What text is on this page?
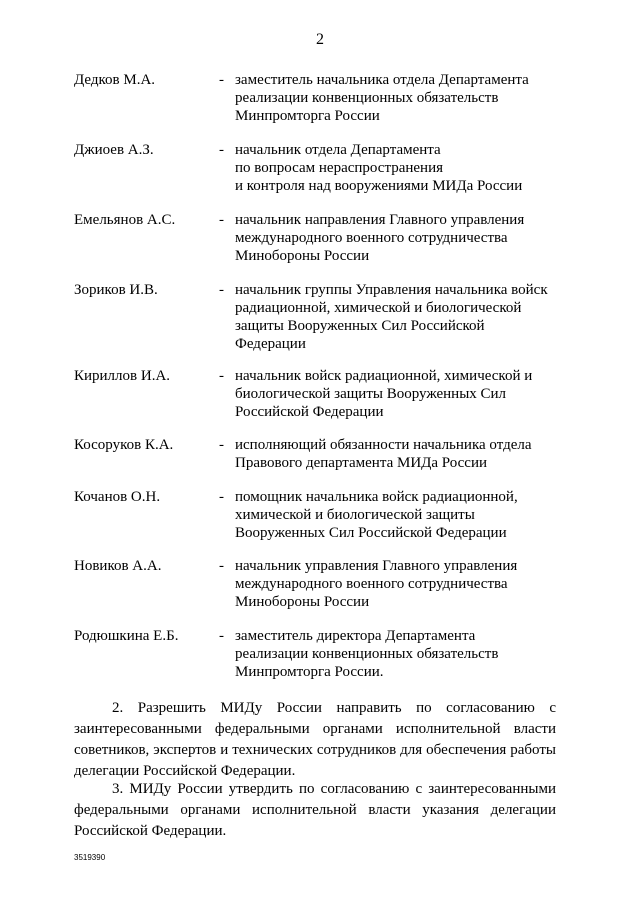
2
Дедков М.А.	- заместитель начальника отдела Департамента
реализации конвенционных обязательств
Минпромторга России
Джиоев А.З.	- начальник отдела Департамента
по вопросам нераспространения
и контроля над вооружениями МИДа России
Емельянов А.С.	- начальник направления Главного управления
международного военного сотрудничества
Минобороны России
Зориков И.В.	- начальник группы Управления начальника войск
радиационной, химической и биологической
защиты Вооруженных Сил Российской
Федерации
Кириллов И.А.	- начальник войск радиационной, химической и
биологической защиты Вооруженных Сил
Российской Федерации
Косоруков К.А.	- исполняющий обязанности начальника отдела
Правового департамента МИДа России
Кочанов О.Н.	- помощник начальника войск радиационной,
химической и биологической защиты
Вооруженных Сил Российской Федерации
Новиков А.А.	- начальник управления Главного управления
международного военного сотрудничества
Минобороны России
Родюшкина Е.Б.	- заместитель директора Департамента
реализации конвенционных обязательств
Минпромторга России.
2. Разрешить МИДу России направить по согласованию с
заинтересованными федеральными органами исполнительной власти
советников, экспертов и технических сотрудников для обеспечения работы
делегации Российской Федерации.
3. МИДу России утвердить по согласованию с заинтересованными
федеральными органами исполнительной власти указания делегации
Российской Федерации.
3519390
